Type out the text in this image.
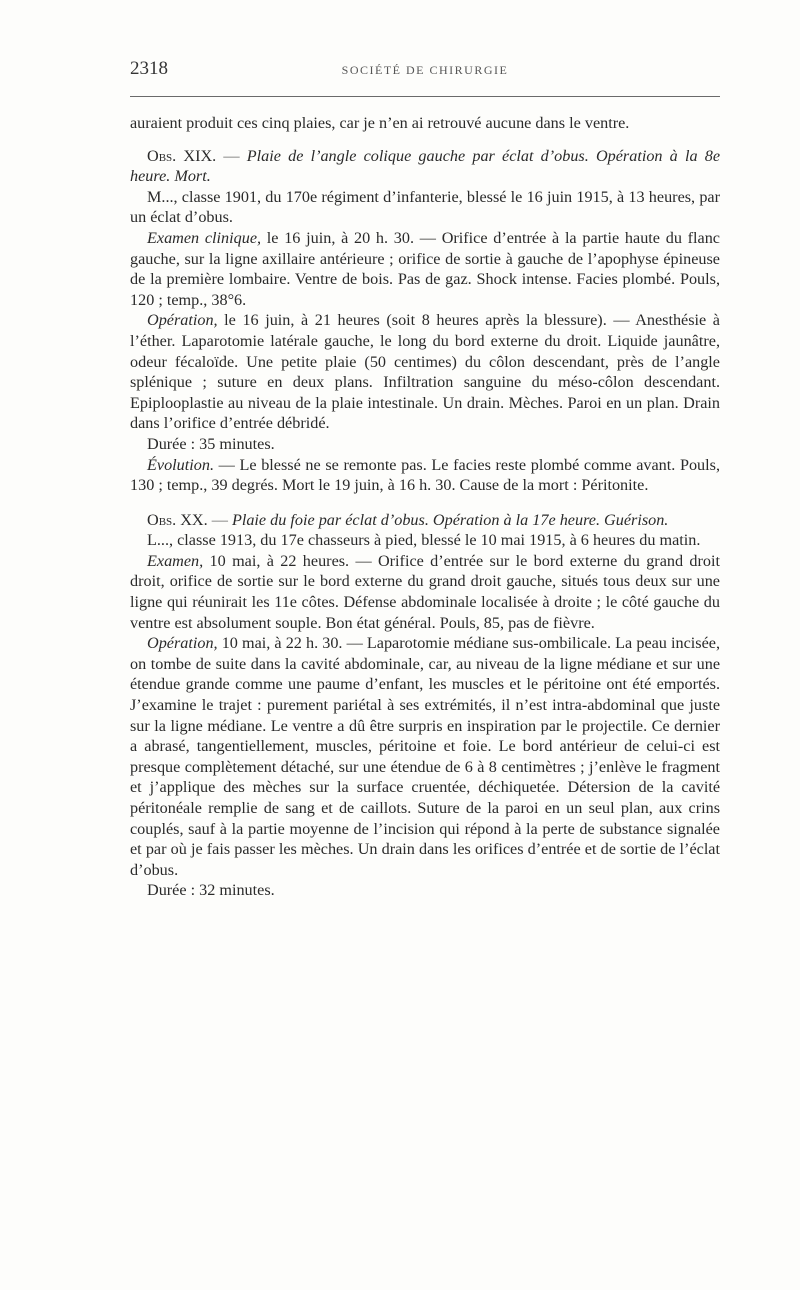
2318	SOCIÉTÉ DE CHIRURGIE

auraient produit ces cinq plaies, car je n’en ai retrouvé aucune dans le ventre.

Obs. XIX. — Plaie de l’angle colique gauche par éclat d’obus. Opération à la 8e heure. Mort.

M..., classe 1901, du 170e régiment d’infanterie, blessé le 16 juin 1915, à 13 heures, par un éclat d’obus.

Examen clinique, le 16 juin, à 20 h. 30. — Orifice d’entrée à la partie haute du flanc gauche, sur la ligne axillaire antérieure ; orifice de sortie à gauche de l’apophyse épineuse de la première lombaire. Ventre de bois. Pas de gaz. Shock intense. Facies plombé. Pouls, 120 ; temp., 38°6.

Opération, le 16 juin, à 21 heures (soit 8 heures après la blessure). — Anesthésie à l’éther. Laparotomie latérale gauche, le long du bord externe du droit. Liquide jaunâtre, odeur fécaloïde. Une petite plaie (50 centimes) du côlon descendant, près de l’angle splénique ; suture en deux plans. Infiltration sanguine du méso-côlon descendant. Epiplooplastie au niveau de la plaie intestinale. Un drain. Mèches. Paroi en un plan. Drain dans l’orifice d’entrée débridé.

Durée : 35 minutes.

Évolution. — Le blessé ne se remonte pas. Le facies reste plombé comme avant. Pouls, 130 ; temp., 39 degrés. Mort le 19 juin, à 16 h. 30. Cause de la mort : Péritonite.

Obs. XX. — Plaie du foie par éclat d’obus. Opération à la 17e heure. Guérison.

L..., classe 1913, du 17e chasseurs à pied, blessé le 10 mai 1915, à 6 heures du matin.

Examen, 10 mai, à 22 heures. — Orifice d’entrée sur le bord externe du grand droit droit, orifice de sortie sur le bord externe du grand droit gauche, situés tous deux sur une ligne qui réunirait les 11e côtes. Défense abdominale localisée à droite ; le côté gauche du ventre est absolument souple. Bon état général. Pouls, 85, pas de fièvre.

Opération, 10 mai, à 22 h. 30. — Laparotomie médiane sus-ombilicale. La peau incisée, on tombe de suite dans la cavité abdominale, car, au niveau de la ligne médiane et sur une étendue grande comme une paume d’enfant, les muscles et le péritoine ont été emportés. J’examine le trajet : purement pariétal à ses extrémités, il n’est intra-abdominal que juste sur la ligne médiane. Le ventre a dû être surpris en inspiration par le projectile. Ce dernier a abrasé, tangentiellement, muscles, péritoine et foie. Le bord antérieur de celui-ci est presque complètement détaché, sur une étendue de 6 à 8 centimètres ; j’enlève le fragment et j’applique des mèches sur la surface cruentée, déchiquetée. Détersion de la cavité péritonéale remplie de sang et de caillots. Suture de la paroi en un seul plan, aux crins couplés, sauf à la partie moyenne de l’incision qui répond à la perte de substance signalée et par où je fais passer les mèches. Un drain dans les orifices d’entrée et de sortie de l’éclat d’obus.

Durée : 32 minutes.
